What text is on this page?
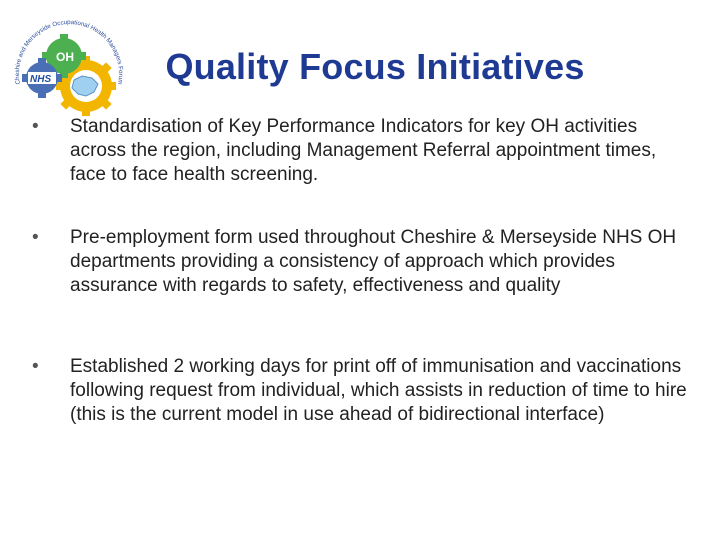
Cheshire and Merseyside Occupational Health Managers Forum
OH
NHS	Quality Focus Initiatives
• Standardisation of Key Performance Indicators for key OH activities across the region, including Management Referral appointment times, face to face health screening.
• Pre-employment form used throughout Cheshire & Merseyside NHS OH departments providing a consistency of approach which provides assurance with regards to safety, effectiveness and quality
• Established 2 working days for print off of immunisation and vaccinations following request from individual, which assists in reduction of time to hire (this is the current model in use ahead of bidirectional interface)
